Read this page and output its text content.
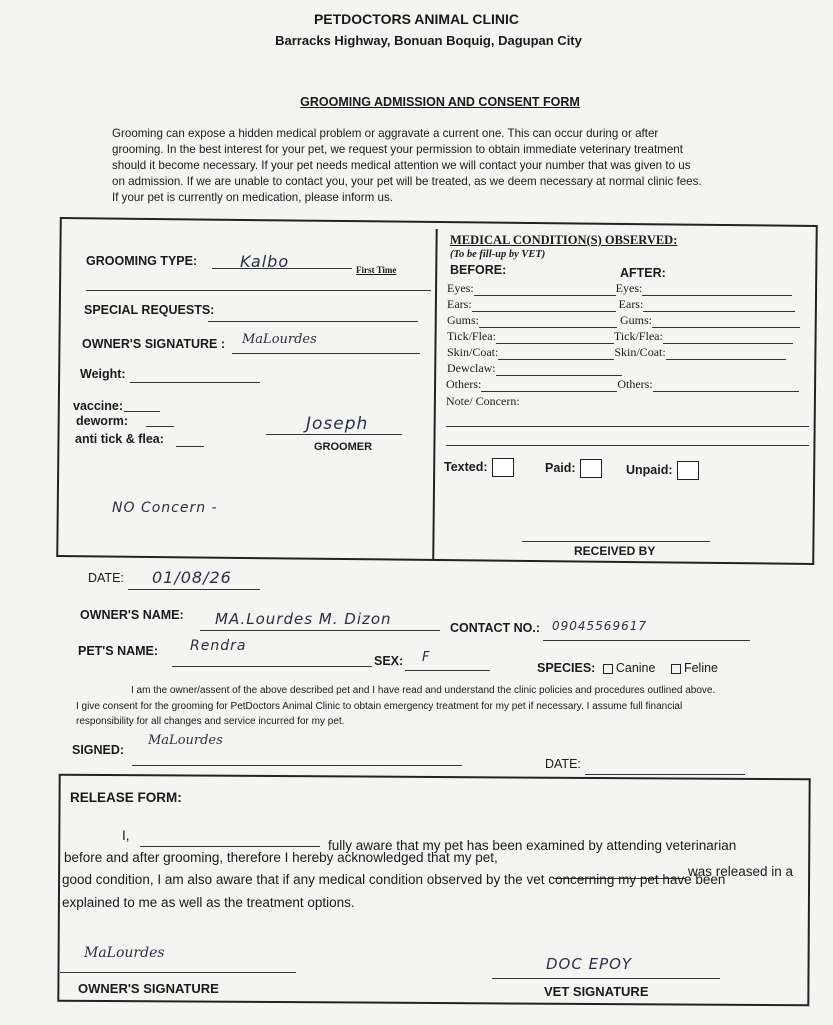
PETDOCTORS ANIMAL CLINIC
Barracks Highway, Bonuan Boquig, Dagupan City
GROOMING ADMISSION AND CONSENT FORM
Grooming can expose a hidden medical problem or aggravate a current one. This can occur during or after
grooming. In the best interest for your pet, we request your permission to obtain immediate veterinary treatment
should it become necessary. If your pet needs medical attention we will contact your number that was given to us
on admission. If we are unable to contact you, your pet will be treated, as we deem necessary at normal clinic fees.
If your pet is currently on medication, please inform us.
GROOMING TYPE:	Kalbo	First Time
SPECIAL REQUESTS:
OWNER'S SIGNATURE : MaLourdes
Weight:
vaccine:
deworm:
anti tick & flea:
Joseph
GROOMER
NO Concern -
MEDICAL CONDITION(S) OBSERVED:
(To be fill-up by VET)
BEFORE:	AFTER:
Eyes:	Eyes:
Ears:	Ears:
Gums:	Gums:
Tick/Flea:	Tick/Flea:
Skin/Coat:	Skin/Coat:
Dewclaw:
Others:	Others:
Note/ Concern:
Texted:	Paid:	Unpaid:
RECEIVED BY
DATE: 01/08/26
OWNER'S NAME: MA.Lourdes M. Dizon	CONTACT NO.: 09045569617
PET'S NAME: Rendra
SEX: F
SPECIES: Canine Feline
I am the owner/assent of the above described pet and I have read and understand the clinic policies and procedures outlined above.
I give consent for the grooming for PetDoctors Animal Clinic to obtain emergency treatment for my pet if necessary. I assume full financial
responsibility for all changes and service incurred for my pet.
SIGNED:
MaLourdes
DATE:
RELEASE FORM:
I,
fully aware that my pet has been examined by attending veterinarian
before and after grooming, therefore I hereby acknowledged that my pet,
was released in a
good condition, I am also aware that if any medical condition observed by the vet concerning my pet have been
explained to me as well as the treatment options.
MaLourdes
OWNER'S SIGNATURE
DOC EPOY
VET SIGNATURE
